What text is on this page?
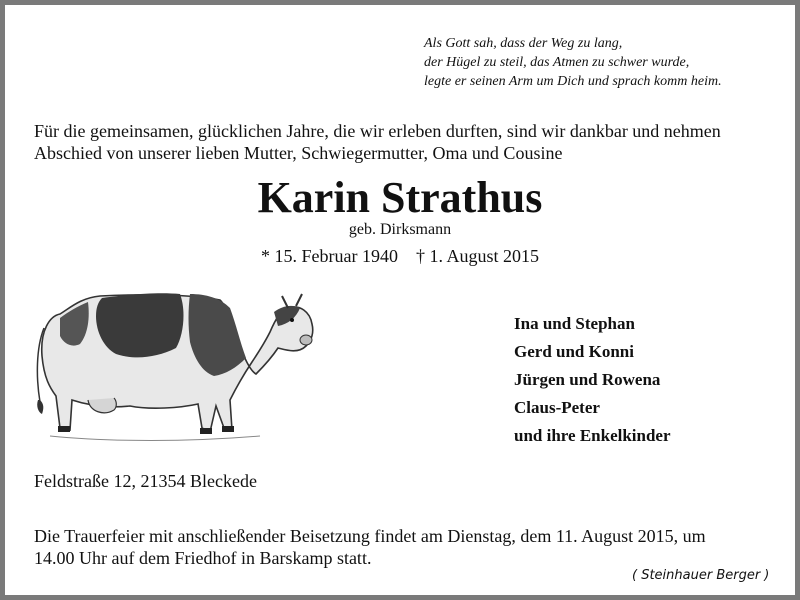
Als Gott sah, dass der Weg zu lang,
der Hügel zu steil, das Atmen zu schwer wurde,
legte er seinen Arm um Dich und sprach komm heim.
Für die gemeinsamen, glücklichen Jahre, die wir erleben durften, sind wir dankbar und nehmen
Abschied von unserer lieben Mutter, Schwiegermutter, Oma und Cousine
Karin Strathus
geb. Dirksmann
* 15. Februar 1940 † 1. August 2015
Ina und Stephan
Gerd und Konni
Jürgen und Rowena
Claus-Peter
und ihre Enkelkinder
Feldstraße 12, 21354 Bleckede
Die Trauerfeier mit anschließender Beisetzung findet am Dienstag, dem 11. August 2015, um
14.00 Uhr auf dem Friedhof in Barskamp statt.
( Steinhauer Berger )
